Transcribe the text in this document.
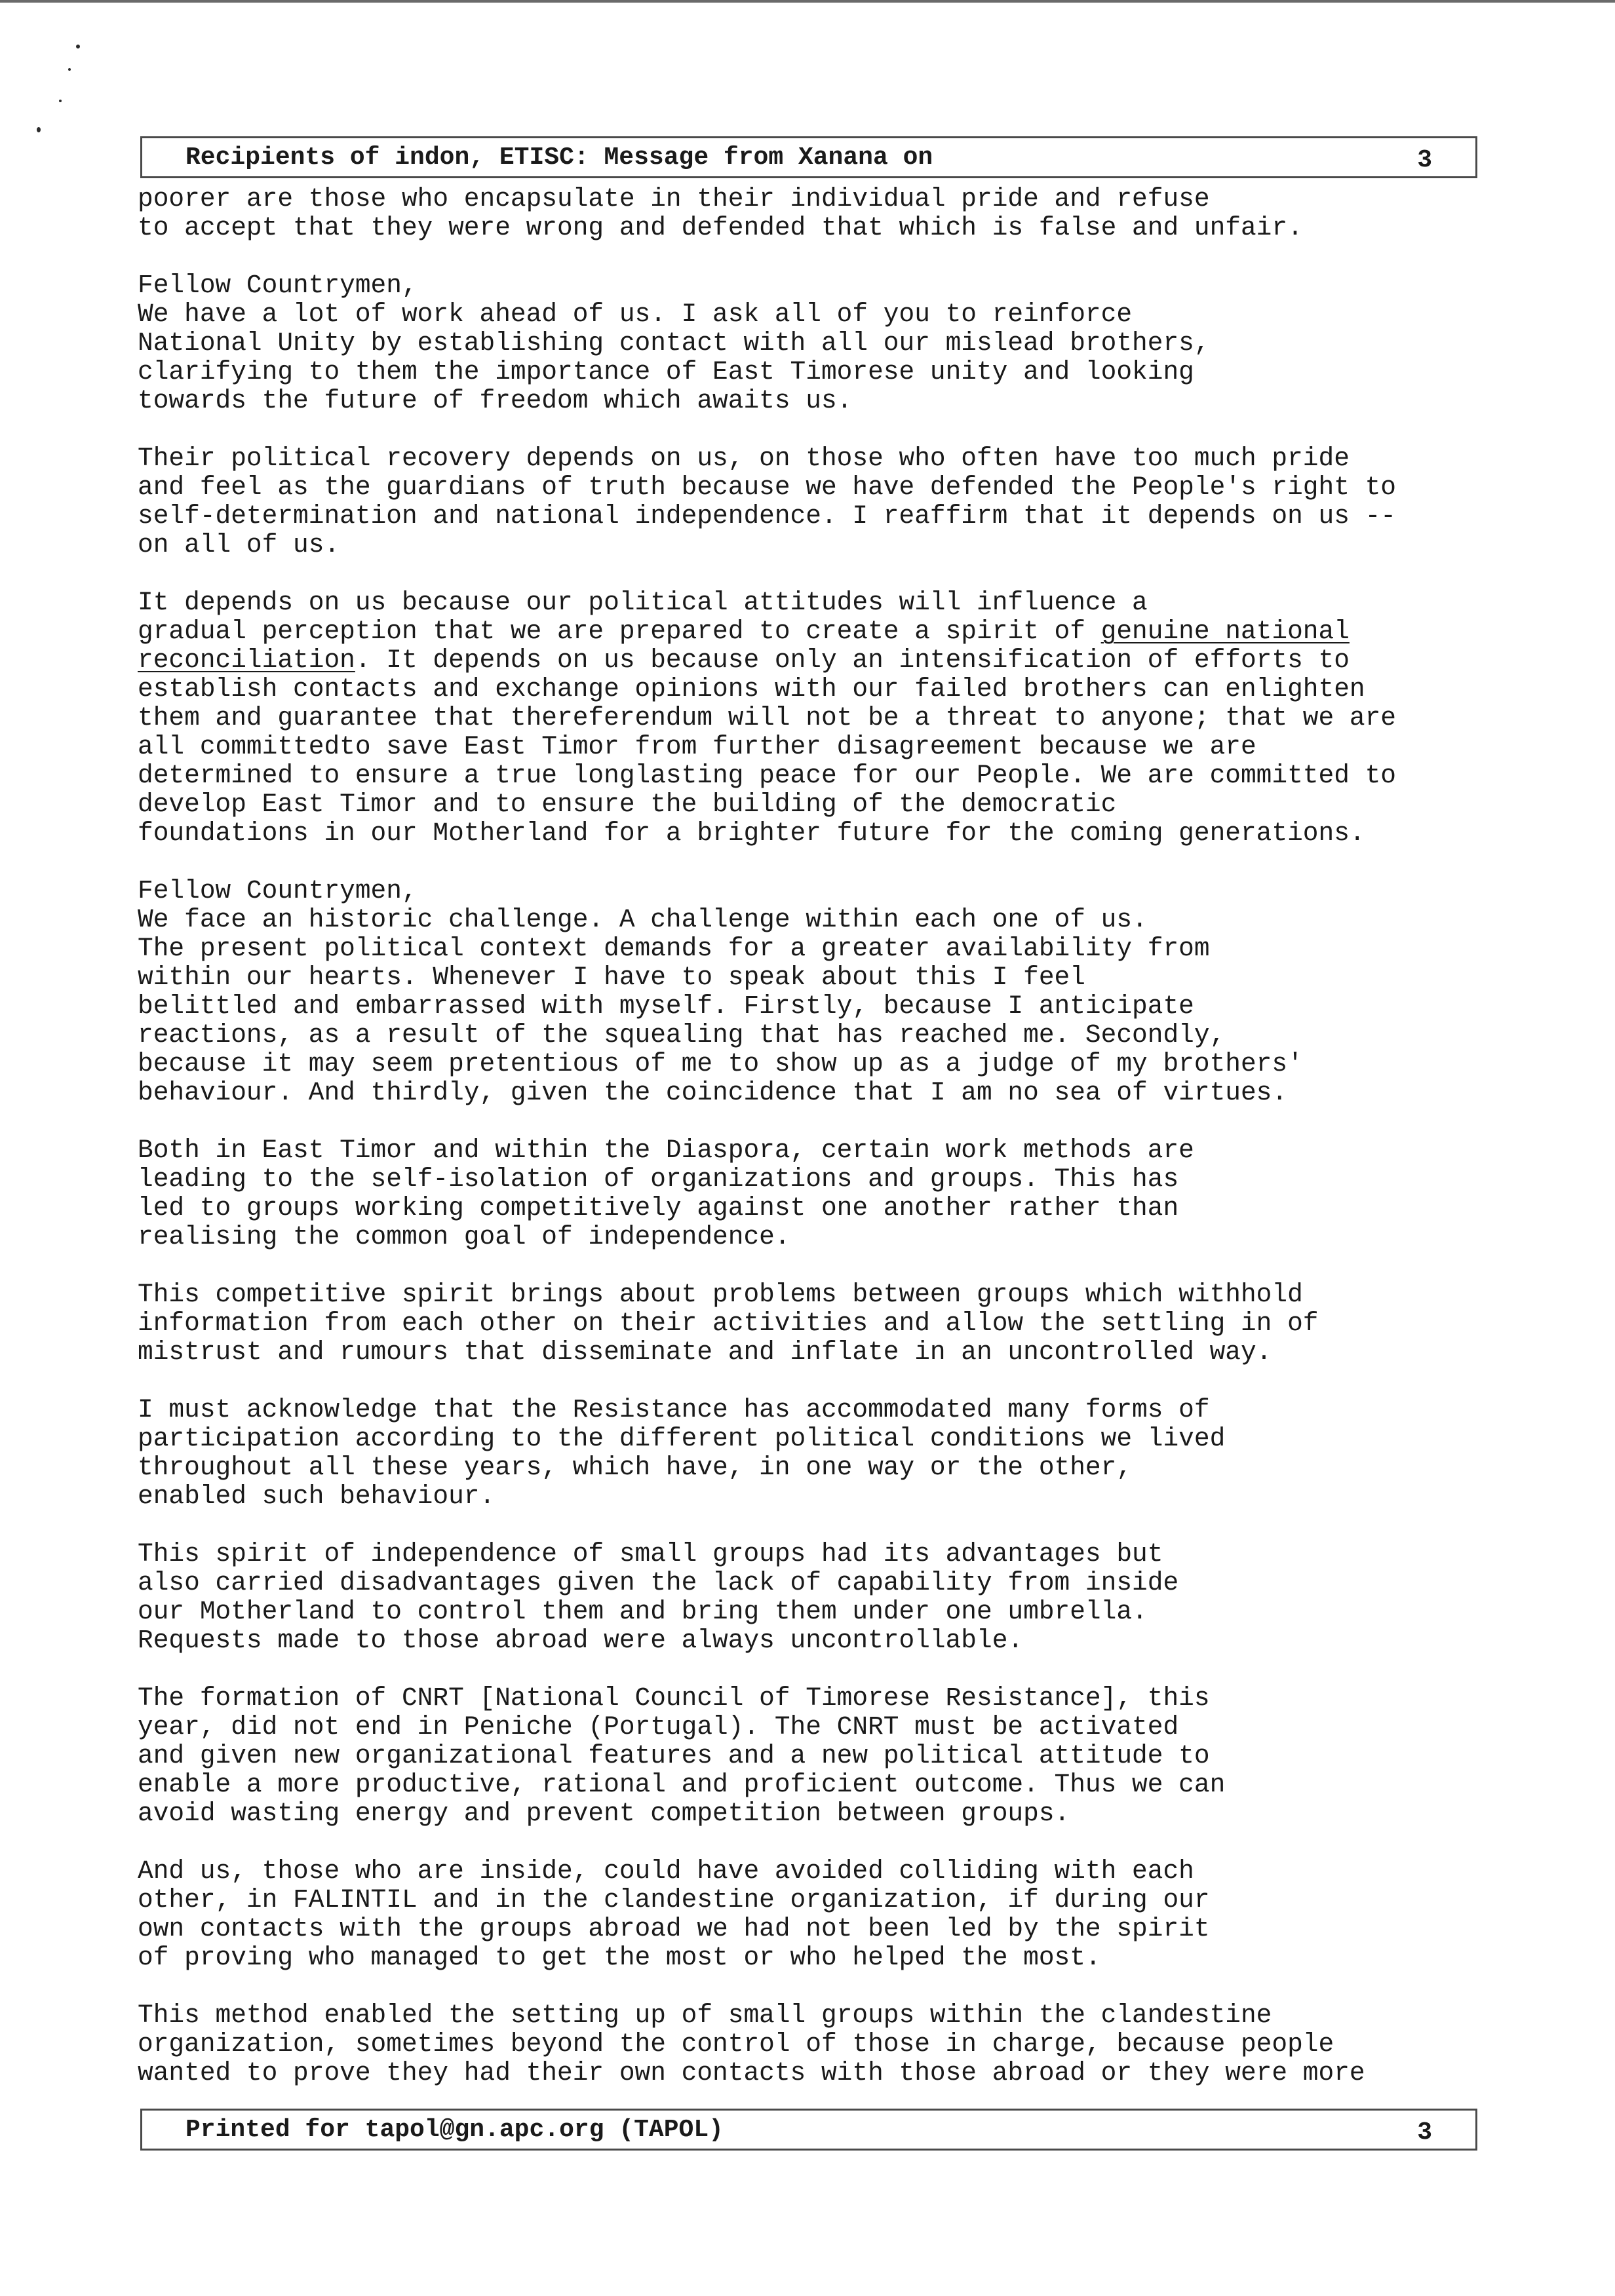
Recipients of indon, ETISC: Message from Xanana on	3
poorer are those who encapsulate in their individual pride and refuse
to accept that they were wrong and defended that which is false and unfair.
Fellow Countrymen,
We have a lot of work ahead of us. I ask all of you to reinforce
National Unity by establishing contact with all our mislead brothers,
clarifying to them the importance of East Timorese unity and looking
towards the future of freedom which awaits us.
Their political recovery depends on us, on those who often have too much pride
and feel as the guardians of truth because we have defended the People's right to
self-determination and national independence. I reaffirm that it depends on us --
on all of us.
It depends on us because our political attitudes will influence a
gradual perception that we are prepared to create a spirit of genuine national
reconciliation. It depends on us because only an intensification of efforts to
establish contacts and exchange opinions with our failed brothers can enlighten
them and guarantee that thereferendum will not be a threat to anyone; that we are
all committedto save East Timor from further disagreement because we are
determined to ensure a true longlasting peace for our People. We are committed to
develop East Timor and to ensure the building of the democratic
foundations in our Motherland for a brighter future for the coming generations.
Fellow Countrymen,
We face an historic challenge. A challenge within each one of us.
The present political context demands for a greater availability from
within our hearts. Whenever I have to speak about this I feel
belittled and embarrassed with myself. Firstly, because I anticipate
reactions, as a result of the squealing that has reached me. Secondly,
because it may seem pretentious of me to show up as a judge of my brothers'
behaviour. And thirdly, given the coincidence that I am no sea of virtues.
Both in East Timor and within the Diaspora, certain work methods are
leading to the self-isolation of organizations and groups. This has
led to groups working competitively against one another rather than
realising the common goal of independence.
This competitive spirit brings about problems between groups which withhold
information from each other on their activities and allow the settling in of
mistrust and rumours that disseminate and inflate in an uncontrolled way.
I must acknowledge that the Resistance has accommodated many forms of
participation according to the different political conditions we lived
throughout all these years, which have, in one way or the other,
enabled such behaviour.
This spirit of independence of small groups had its advantages but
also carried disadvantages given the lack of capability from inside
our Motherland to control them and bring them under one umbrella.
Requests made to those abroad were always uncontrollable.
The formation of CNRT [National Council of Timorese Resistance], this
year, did not end in Peniche (Portugal). The CNRT must be activated
and given new organizational features and a new political attitude to
enable a more productive, rational and proficient outcome. Thus we can
avoid wasting energy and prevent competition between groups.
And us, those who are inside, could have avoided colliding with each
other, in FALINTIL and in the clandestine organization, if during our
own contacts with the groups abroad we had not been led by the spirit
of proving who managed to get the most or who helped the most.
This method enabled the setting up of small groups within the clandestine
organization, sometimes beyond the control of those in charge, because people
wanted to prove they had their own contacts with those abroad or they were more
Printed for tapol@gn.apc.org (TAPOL)	3
